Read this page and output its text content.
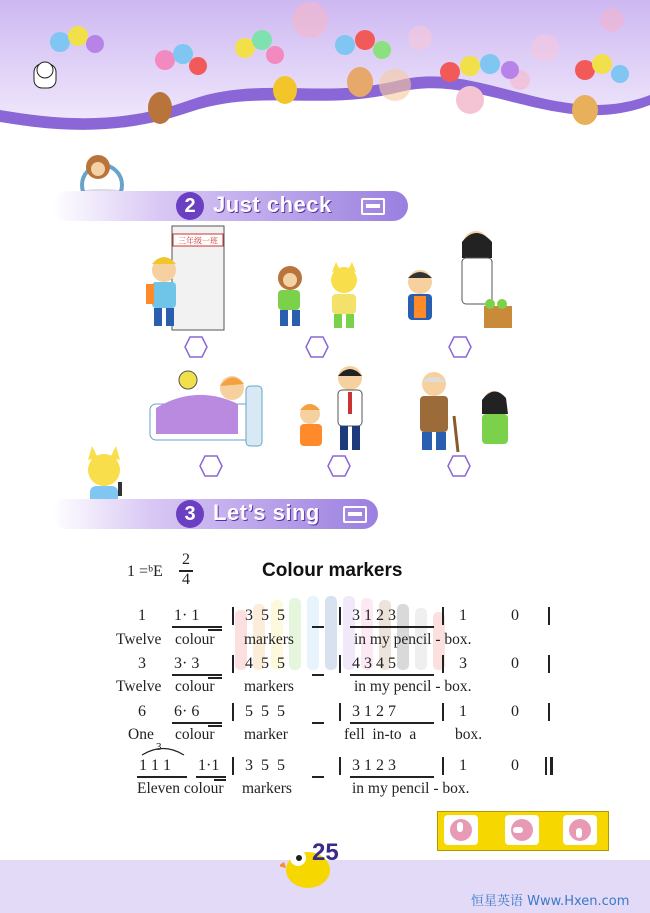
2 Just check
三年级一班
3 Let’s sing
1 =ᵇE
2
4	Colour markers
1 1· 1	3  5  5	3 1 2 3	1	0
Twelve colour markers	in my pencil - box.
3 3· 3	4  5  5	4 3 4 5	3	0
Twelve colour markers	in my pencil - box.
6 6· 6	5  5  5	3 1 2 7	1	0
One colour marker	fell  in-to  a box.
3
1 1 1 1·1 3  5  5	3 1 2 3	1	0
Eleven colour markers	in my pencil - box.
25
恒星英语 Www.Hxen.com
